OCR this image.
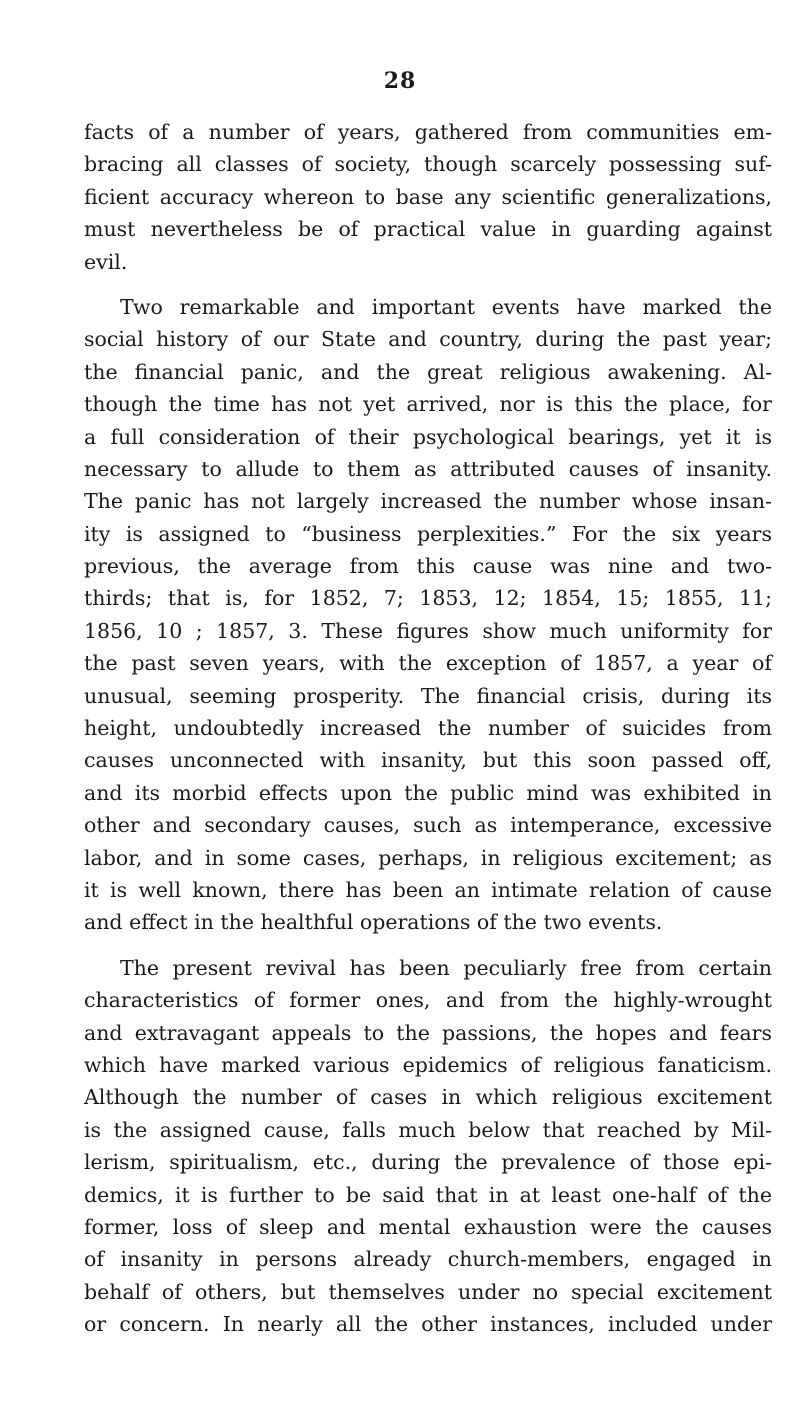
28
facts of a number of years, gathered from communities em-
bracing all classes of society, though scarcely possessing suf-
ficient accuracy whereon to base any scientific generalizations,
must nevertheless be of practical value in guarding against
evil.
Two remarkable and important events have marked the
social history of our State and country, during the past year;
the financial panic, and the great religious awakening. Al-
though the time has not yet arrived, nor is this the place, for
a full consideration of their psychological bearings, yet it is
necessary to allude to them as attributed causes of insanity.
The panic has not largely increased the number whose insan-
ity is assigned to “business perplexities.” For the six years
previous, the average from this cause was nine and two-
thirds; that is, for 1852, 7; 1853, 12; 1854, 15; 1855, 11;
1856, 10 ; 1857, 3. These figures show much uniformity for
the past seven years, with the exception of 1857, a year of
unusual, seeming prosperity. The financial crisis, during its
height, undoubtedly increased the number of suicides from
causes unconnected with insanity, but this soon passed off,
and its morbid effects upon the public mind was exhibited in
other and secondary causes, such as intemperance, excessive
labor, and in some cases, perhaps, in religious excitement; as
it is well known, there has been an intimate relation of cause
and effect in the healthful operations of the two events.
The present revival has been peculiarly free from certain
characteristics of former ones, and from the highly-wrought
and extravagant appeals to the passions, the hopes and fears
which have marked various epidemics of religious fanaticism.
Although the number of cases in which religious excitement
is the assigned cause, falls much below that reached by Mil-
lerism, spiritualism, etc., during the prevalence of those epi-
demics, it is further to be said that in at least one-half of the
former, loss of sleep and mental exhaustion were the causes
of insanity in persons already church-members, engaged in
behalf of others, but themselves under no special excitement
or concern. In nearly all the other instances, included under
